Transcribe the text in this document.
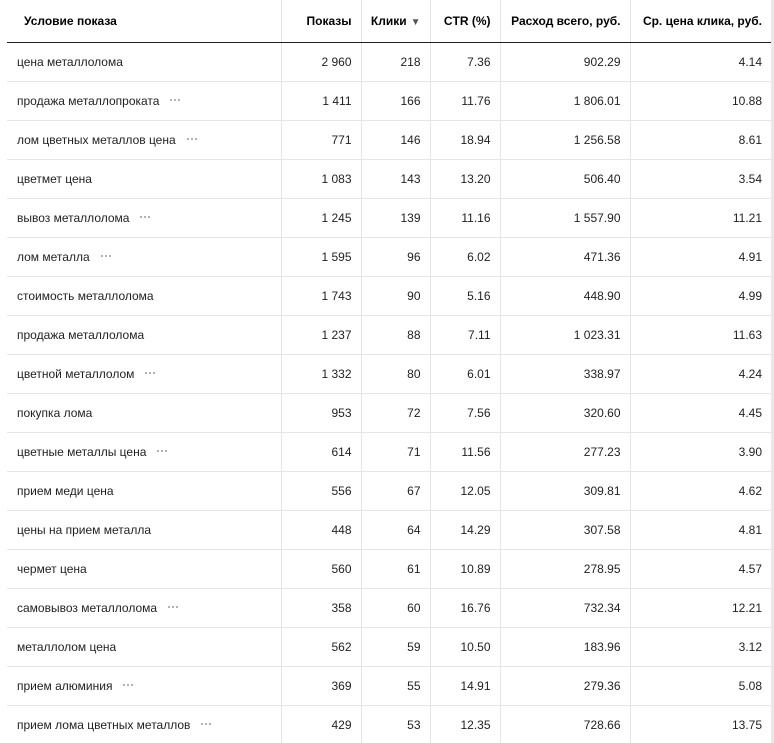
Условие показа	Показы	Клики ▼	CTR (%)	Расход всего, руб.	Ср. цена клика, руб.
цена металлолома	2 960	218	7.36	902.29	4.14
продажа металлопроката	1 411	166	11.76	1 806.01	10.88
лом цветных металлов цена	771	146	18.94	1 256.58	8.61
цветмет цена	1 083	143	13.20	506.40	3.54
вывоз металлолома	1 245	139	11.16	1 557.90	11.21
лом металла	1 595	96	6.02	471.36	4.91
стоимость металлолома	1 743	90	5.16	448.90	4.99
продажа металлолома	1 237	88	7.11	1 023.31	11.63
цветной металлолом	1 332	80	6.01	338.97	4.24
покупка лома	953	72	7.56	320.60	4.45
цветные металлы цена	614	71	11.56	277.23	3.90
прием меди цена	556	67	12.05	309.81	4.62
цены на прием металла	448	64	14.29	307.58	4.81
чермет цена	560	61	10.89	278.95	4.57
самовывоз металлолома	358	60	16.76	732.34	12.21
металлолом цена	562	59	10.50	183.96	3.12
прием алюминия	369	55	14.91	279.36	5.08
прием лома цветных металлов	429	53	12.35	728.66	13.75
